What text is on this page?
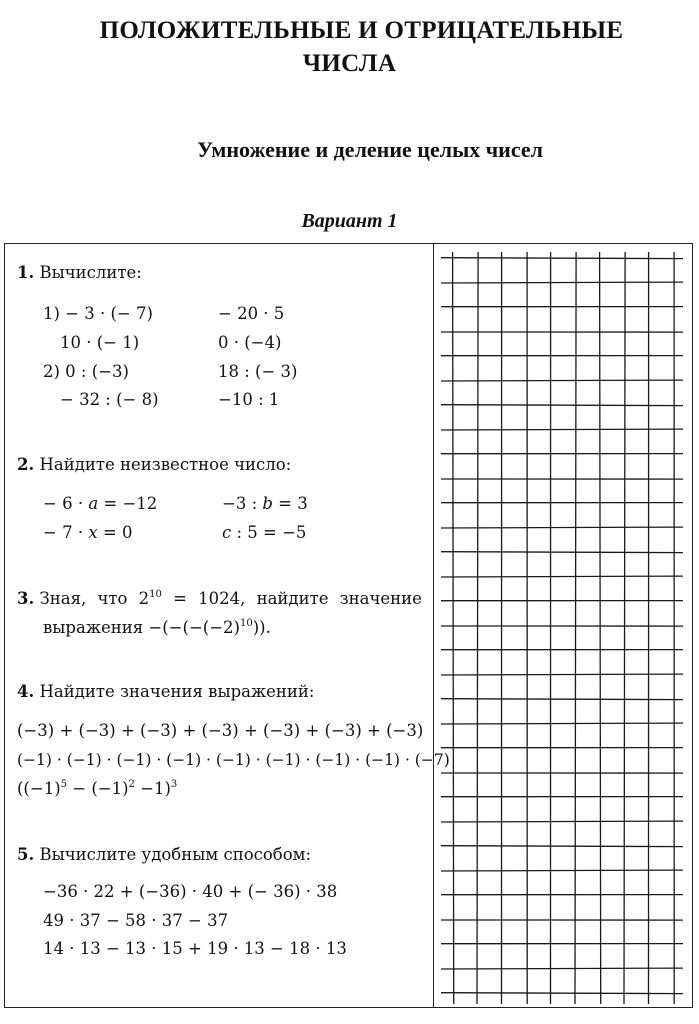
ПОЛОЖИТЕЛЬНЫЕ И ОТРИЦАТЕЛЬНЫЕ
ЧИСЛА
Умножение и деление целых чисел
Вариант 1
1. Вычислите:
1) − 3 · (− 7)	− 20 · 5
10 · (− 1)	0 · (−4)
2) 0 : (−3)	18 : (− 3)
− 32 : (− 8)	−10 : 1
2. Найдите неизвестное число:
− 6 · a = −12	−3 : b = 3
− 7 · x = 0	c : 5 = −5
3. Зная, что $2^{10} = 1024$, найдите значение
выражения $-(-(-(-2)^{10}))$.
4. Найдите значения выражений:
(−3) + (−3) + (−3) + (−3) + (−3) + (−3) + (−3)
(−1) · (−1) · (−1) · (−1) · (−1) · (−1) · (−1) · (−1) · (−7)
$((-1)^5 - (-1)^2 -1)^3$
5. Вычислите удобным способом:
−36 · 22 + (−36) · 40 + (− 36) · 38
49 · 37 − 58 · 37 − 37
14 · 13 − 13 · 15 + 19 · 13 − 18 · 13
